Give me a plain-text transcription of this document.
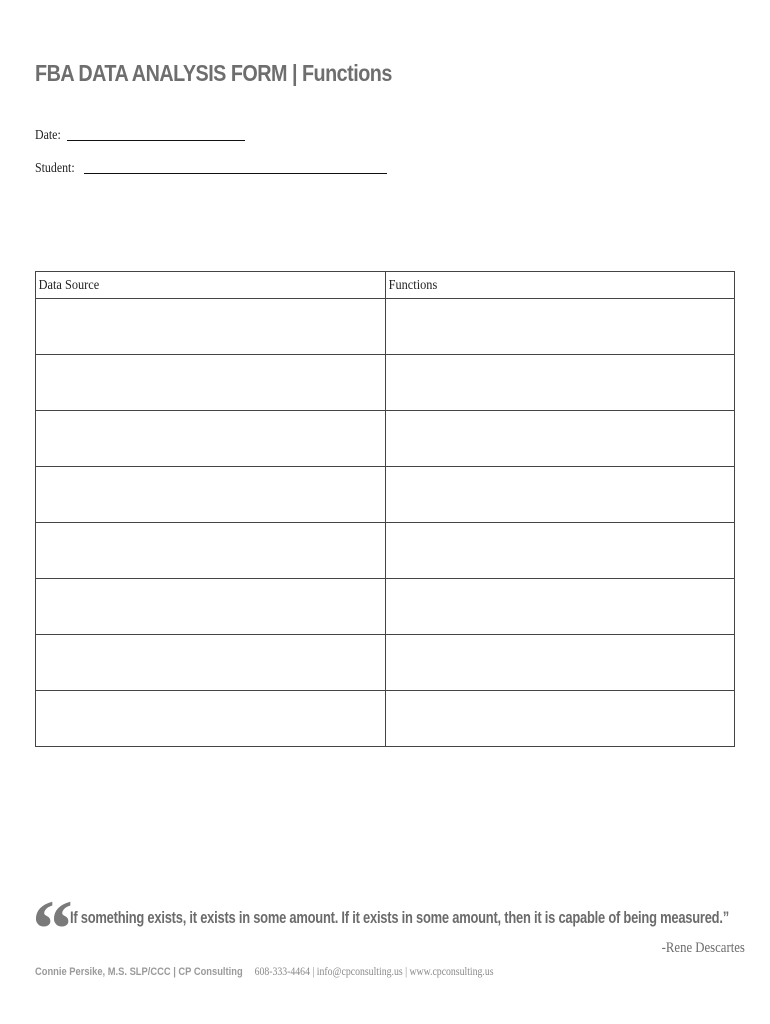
FBA DATA ANALYSIS FORM | Functions
Date:
Student:
Data Source	Functions

“
If something exists, it exists in some amount. If it exists in some amount, then it is capable of being measured.”
-Rene Descartes
Connie Persike, M.S. SLP/CCC | CP Consulting 608-333-4464 | info@cpconsulting.us | www.cpconsulting.us
